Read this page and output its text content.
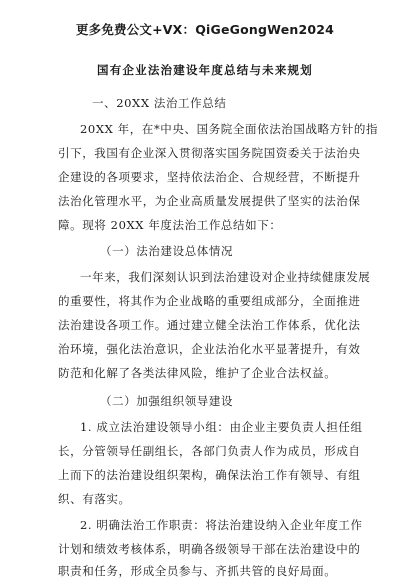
更多免费公文+VX：QiGeGongWen2024
国有企业法治建设年度总结与未来规划
一、20XX 法治工作总结
20XX 年，在*中央、国务院全面依法治国战略方针的指
引下，我国有企业深入贯彻落实国务院国资委关于法治央
企建设的各项要求，坚持依法治企、合规经营，不断提升
法治化管理水平，为企业高质量发展提供了坚实的法治保
障。现将 20XX 年度法治工作总结如下：
（一）法治建设总体情况
一年来，我们深刻认识到法治建设对企业持续健康发展
的重要性，将其作为企业战略的重要组成部分，全面推进
法治建设各项工作。通过建立健全法治工作体系，优化法
治环境，强化法治意识，企业法治化水平显著提升，有效
防范和化解了各类法律风险，维护了企业合法权益。
（二）加强组织领导建设
1. 成立法治建设领导小组：由企业主要负责人担任组
长，分管领导任副组长，各部门负责人作为成员，形成自
上而下的法治建设组织架构，确保法治工作有领导、有组
织、有落实。
2. 明确法治工作职责：将法治建设纳入企业年度工作
计划和绩效考核体系，明确各级领导干部在法治建设中的
职责和任务，形成全员参与、齐抓共管的良好局面。
